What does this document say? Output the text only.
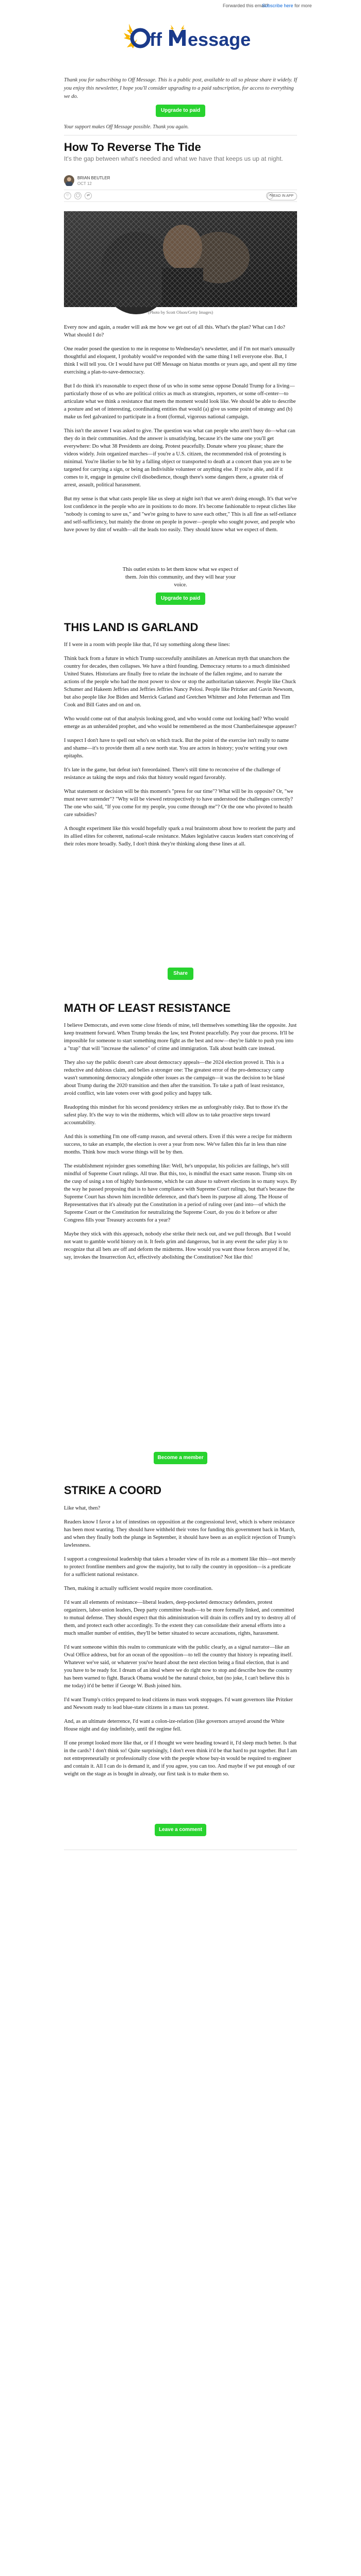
Forwarded this email?
Subscribe here for more
ff essage

Thank you for subscribing to Off Message. This is a public post, available to all so please share it widely. If you enjoy this newsletter, I hope you'll consider upgrading to a paid subscription, for access to everything we do.

Upgrade to paid
Your support makes Off Message possible. Thank you again.
How To Reverse The Tide
It's the gap between what's needed and what we have that keeps us up at night.
BRIAN BEUTLER
OCT 12
♡	◯	⇄	↗ READ IN APP
(Photo by Scott Olson/Getty Images)

Every now and again, a reader will ask me how we get out of all this. What's the plan? What can I do? What should I do?

One reader posed the question to me in response to Wednesday's newsletter, and if I'm not man's unusually thoughtful and eloquent, I probably would've responded with the same thing I tell everyone else. But, I think I will tell you. Or I would have put Off Message on hiatus months or years ago, and spent all my time exercising a plan-to-save-democracy.

But I do think it's reasonable to expect those of us who in some sense oppose Donald Trump for a living—particularly those of us who are political critics as much as strategists, reporters, or some off-center—to articulate what we think a resistance that meets the moment would look like. We should be able to describe a posture and set of interesting, coordinating entities that would (a) give us some point of strategy and (b) make us feel galvanized to participate in a front (formal, vigorous national campaign.

This isn't the answer I was asked to give. The question was what can people who aren't busy do—what can they do in their communities. And the answer is unsatisfying, because it's the same one you'll get everywhere: Do what 38 Presidents are doing. Protest peacefully. Donate where you please; share the videos widely. Join organized marches—if you're a U.S. citizen, the recommended risk of protesting is minimal. You're likelier to be hit by a falling object or transported to death at a concert than you are to be targeted for carrying a sign, or being an Indivisible volunteer or anything else. If you're able, and if it comes to it, engage in genuine civil disobedience, though there's some dangers there, a greater risk of arrest, assault, political harassment.

But my sense is that what casts people like us sleep at night isn't that we aren't doing enough. It's that we've lost confidence in the people who are in positions to do more. It's become fashionable to repeat cliches like "nobody is coming to save us," and "we're going to have to save each other," This is all fine as self-reliance and self-sufficiency, but mainly the drone on people in power—people who sought power, and people who have power by dint of wealth—all the leads too easily. They should know what we expect of them.

This outlet exists to let them know what we expect of them. Join this community, and they will hear your voice.
Upgrade to paid
THIS LAND IS GARLAND

If I were in a room with people like that, I'd say something along these lines:

Think back from a future in which Trump successfully annihilates an American myth that unanchors the country for decades, then collapses. We have a third founding. Democracy returns to a much diminished United States. Historians are finally free to relate the inchoate of the fallen regime, and to narrate the actions of the people who had the most power to slow or stop the authoritarian takeover. People like Chuck Schumer and Hakeem Jeffries and Jeffries Jeffries Nancy Pelosi. People like Pritzker and Gavin Newsom, but also people like Joe Biden and Merrick Garland and Gretchen Whitmer and John Fetterman and Tim Cook and Bill Gates and on and on.

Who would come out of that analysis looking good, and who would come out looking bad? Who would emerge as an unheralded prophet, and who would be remembered as the most Chamberlainesque appeaser?

I suspect I don't have to spell out who's on which track. But the point of the exercise isn't really to name and shame—it's to provide them all a new north star. You are actors in history; you're writing your own epitaphs.

It's late in the game, but defeat isn't foreordained. There's still time to reconceive of the challenge of resistance as taking the steps and risks that history would regard favorably.

What statement or decision will be this moment's "press for our time"? What will be its opposite? Or, "we must never surrender"? "Why will be viewed retrospectively to have understood the challenges correctly? The one who said, "If you come for my people, you come through me"? Or the one who pivoted to health care subsidies?

A thought experiment like this would hopefully spark a real brainstorm about how to reorient the party and its allied elites for coherent, national-scale resistance. Makes legislative caucus leaders start conceiving of their roles more broadly. Sadly, I don't think they're thinking along these lines at all.

Share
MATH OF LEAST RESISTANCE

I believe Democrats, and even some close friends of mine, tell themselves something like the opposite. Just keep treatment forward. When Trump breaks the law, test Protest peacefully. Pay your due process. It'll be impossible for someone to start something more fight as the best and now—they're liable to push you into a "trap" that will "increase the salience" of crime and immigration. Talk about health care instead.

They also say the public doesn't care about democracy appeals—the 2024 election proved it. This is a reductive and dubious claim, and belies a stronger one: The greatest error of the pro-democracy camp wasn't summoning democracy alongside other issues as the campaign—it was the decision to be blasé about Trump during the 2020 transition and then after the transition. To take a path of least resistance, avoid conflict, win late voters over with good policy and happy talk.

Readopting this mindset for his second presidency strikes me as unforgivably risky. But to those it's the safest play. It's the way to win the midterms, which will allow us to take proactive steps toward accountability.

And this is something I'm one off-ramp reason, and several others. Even if this were a recipe for midterm success, to take an example, the election is over a year from now. We've fallen this far in less than nine months. Think how much worse things will be by then.

The establishment rejoinder goes something like: Well, he's unpopular, his policies are failings, he's still mindful of Supreme Court rulings. All true. But this, too, is mindful the exact same reason. Trump sits on the cusp of using a ton of highly burdensome, which he can abuse to subvert elections in so many ways. By the way he passed proposing that is to have compliance with Supreme Court rulings, but that's because the Supreme Court has shown him incredible deference, and that's been its purpose all along. The House of Representatives that it's already put the Constitution in a period of ruling over (and into—of which the Supreme Court or the Constitution for neutralizing the Supreme Court, do you do it before or after Congress fills your Treasury accounts for a year?

Maybe they stick with this approach, nobody else strike their neck out, and we pull through. But I would not want to gamble world history on it. It feels grim and dangerous, but in any event the safer play is to recognize that all bets are off and deform the midterms. How would you want those forces arrayed if he, say, invokes the Insurrection Act, effectively abolishing the Constitution? Not like this!

Become a member
STRIKE A COORD

Like what, then?

Readers know I favor a lot of intestines on opposition at the congressional level, which is where resistance has been most wanting. They should have withheld their votes for funding this government back in March, and when they finally both the plunge in September, it should have been as an explicit rejection of Trump's lawlessness.

I support a congressional leadership that takes a broader view of its role as a moment like this—not merely to protect frontline members and grow the majority, but to rally the country in opposition—is a predicate for a sufficient national resistance.

Then, making it actually sufficient would require more coordination.

I'd want all elements of resistance—liberal leaders, deep-pocketed democracy defenders, protest organizers, labor-union leaders, Deep party committee heads—to be more formally linked, and committed to mutual defense. They should expect that this administration will drain its coffers and try to destroy all of them, and protect each other accordingly. To the extent they can consolidate their arsenal efforts into a much smaller number of entities, they'll be better situated to secure accusations, rights, harassment.

I'd want someone within this realm to communicate with the public clearly, as a signal narrator—like an Oval Office address, but for an ocean of the opposition—to tell the country that history is repeating itself. Whatever we've said, or whatever you've heard about the next election being a final election, that is and you have to be ready for. I dream of an ideal where we do right now to stop and describe how the country has been warned to fight. Barack Obama would be the natural choice, but (no joke, I can't believe this is me today) it'd be better if George W. Bush joined him.

I'd want Trump's critics prepared to lead citizens in mass work stoppages. I'd want governors like Pritzker and Newsom ready to lead blue-state citizens in a mass tax protest.

And, as an ultimate deterrence, I'd want a colon-ize-relation (like governors arrayed around the White House night and day indefinitely, until the regime fell.

If one prompt looked more like that, or if I thought we were heading toward it, I'd sleep much better. Is that in the cards? I don't think so! Quite surprisingly, I don't even think it'd be that hard to put together. But I am not entrepreneurially or professionally close with the people whose buy-in would be required to engineer and contain it. All I can do is demand it, and if you agree, you can too. And maybe if we put enough of our weight on the stage as is bought in already, our first task is to make them so.

Leave a comment
